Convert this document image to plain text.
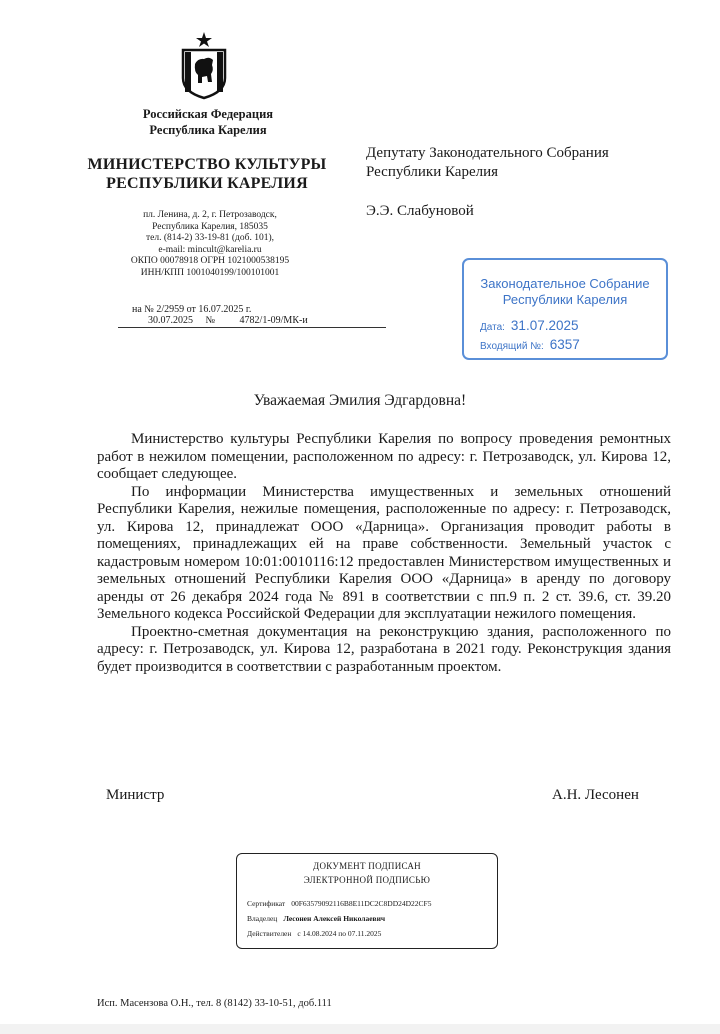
Российская Федерация
Республика Карелия
МИНИСТЕРСТВО КУЛЬТУРЫ
РЕСПУБЛИКИ КАРЕЛИЯ
пл. Ленина, д. 2, г. Петрозаводск,
Республика Карелия, 185035
тел. (814-2) 33-19-81 (доб. 101),
e-mail: mincult@karelia.ru
ОКПО 00078918 ОГРН 1021000538195
ИНН/КПП 1001040199/100101001
на № 2/2959 от 16.07.2025 г.
30.07.2025 № 4782/1-09/МК-и
Депутату Законодательного Собрания
Республики Карелия
Э.Э. Слабуновой
Законодательное Собрание
Республики Карелия
Дата: 31.07.2025
Входящий №: 6357
Уважаемая Эмилия Эдгардовна!

Министерство культуры Республики Карелия по вопросу проведения ремонтных работ в нежилом помещении, расположенном по адресу: г. Петрозаводск, ул. Кирова 12, сообщает следующее.

По информации Министерства имущественных и земельных отношений Республики Карелия, нежилые помещения, расположенные по адресу: г. Петрозаводск, ул. Кирова 12, принадлежат ООО «Дарница». Организация проводит работы в помещениях, принадлежащих ей на праве собственности. Земельный участок с кадастровым номером 10:01:0010116:12 предоставлен Министерством имущественных и земельных отношений Республики Карелия ООО «Дарница» в аренду по договору аренды от 26 декабря 2024 года № 891 в соответствии с пп.9 п. 2 ст. 39.6, ст. 39.20 Земельного кодекса Российской Федерации для эксплуатации нежилого помещения.

Проектно-сметная документация на реконструкцию здания, расположенного по адресу: г. Петрозаводск, ул. Кирова 12, разработана в 2021 году. Реконструкция здания будет производится в соответствии с разработанным проектом.

Министр	А.Н. Лесонен
ДОКУМЕНТ ПОДПИСАН
ЭЛЕКТРОННОЙ ПОДПИСЬЮ
Сертификат 00F63579092116B8E11DC2C8DD24D22CF5
Владелец Лесонен Алексей Николаевич
Действителен с 14.08.2024 по 07.11.2025
Исп. Масензова О.Н., тел. 8 (8142) 33-10-51, доб.111
